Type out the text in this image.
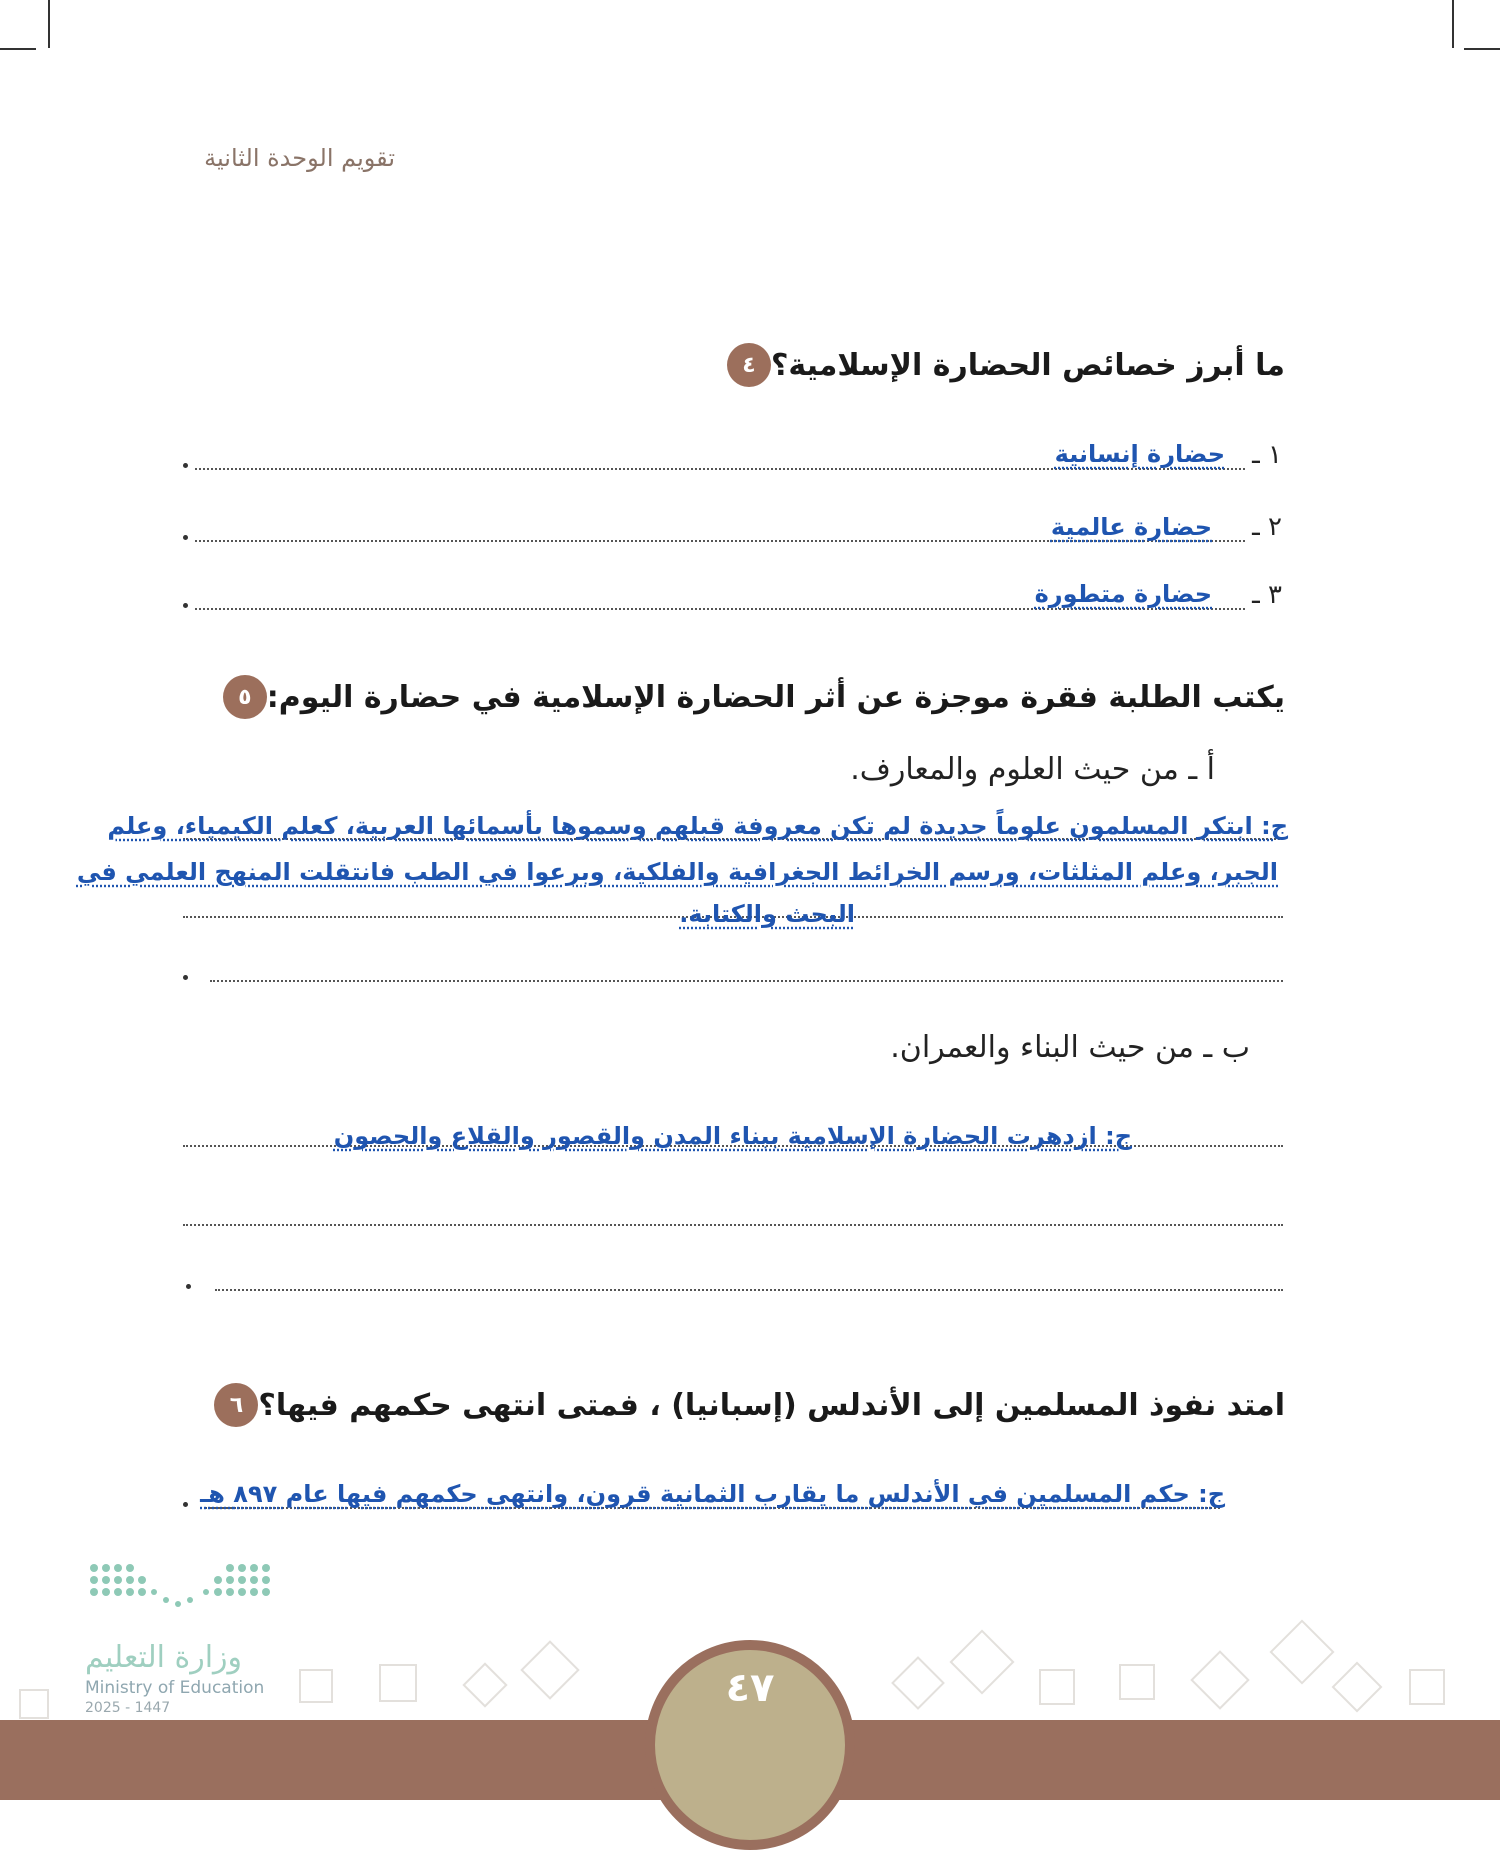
تقويم الوحدة الثانية
٤ ما أبرز خصائص الحضارة الإسلامية؟
١ ـ
حضارة إنسانية
٢ ـ
حضارة عالمية
٣ ـ
حضارة متطورة
٥ يكتب الطلبة فقرة موجزة عن أثر الحضارة الإسلامية في حضارة اليوم:
أ ـ من حيث العلوم والمعارف.
ج: ابتكر المسلمون علوماً جديدة لم تكن معروفة قبلهم وسموها بأسمائها العربية، كعلم الكيمياء، وعلم
الجبر، وعلم المثلثات، ورسم الخرائط الجغرافية والفلكية، وبرعوا في الطب فانتقلت المنهج العلمي في
البحث والكتابة.
ب ـ من حيث البناء والعمران.
ج: ازدهرت الحضارة الإسلامية ببناء المدن والقصور والقلاع والحصون
٦ امتد نفوذ المسلمين إلى الأندلس (إسبانيا) ، فمتى انتهى حكمهم فيها؟
ج: حكم المسلمين في الأندلس ما يقارب الثمانية قرون، وانتهى حكمهم فيها عام ٨٩٧ هـ
٤٧
وزارة التعليم
Ministry of Education
2025 - 1447
